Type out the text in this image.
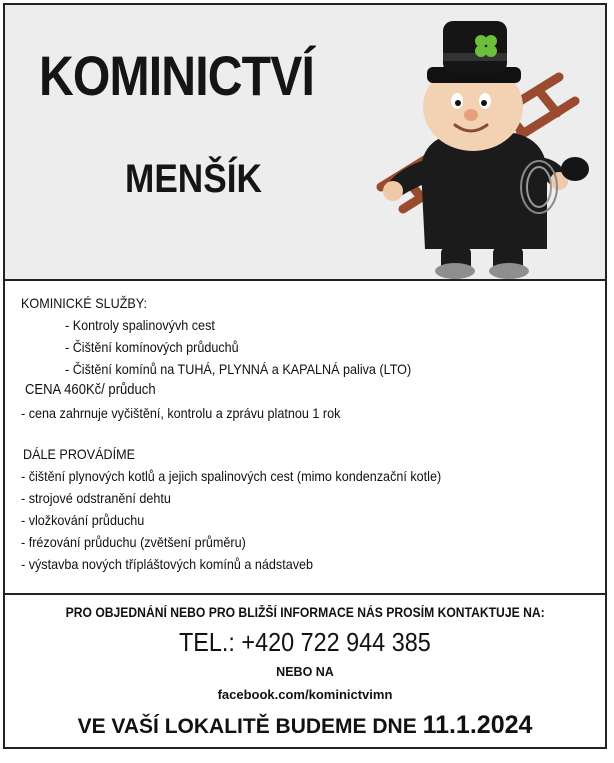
KOMINICTVÍ
MENŠÍK
KOMINICKÉ SLUŽBY:
- Kontroly spalinovývh cest
- Čištění komínových průduchů
- Čištění komínů na TUHÁ, PLYNNÁ a KAPALNÁ paliva (LTO)
CENA 460Kč/ průduch
- cena zahrnuje vyčištění, kontrolu a zprávu platnou 1 rok
DÁLE PROVÁDÍME
- čištění plynových kotlů a jejich spalinových cest (mimo kondenzační kotle)
- strojové odstranění dehtu
- vložkování průduchu
- frézování průduchu (zvětšení průměru)
- výstavba nových třípláštových komínů a nádstaveb
PRO OBJEDNÁNÍ NEBO PRO BLIŽŠÍ INFORMACE NÁS PROSÍM KONTAKTUJE NA:
TEL.: +420 722 944 385
NEBO NA
facebook.com/kominictvimn
VE VAŠÍ LOKALITĚ BUDEME DNE 11.1.2024
